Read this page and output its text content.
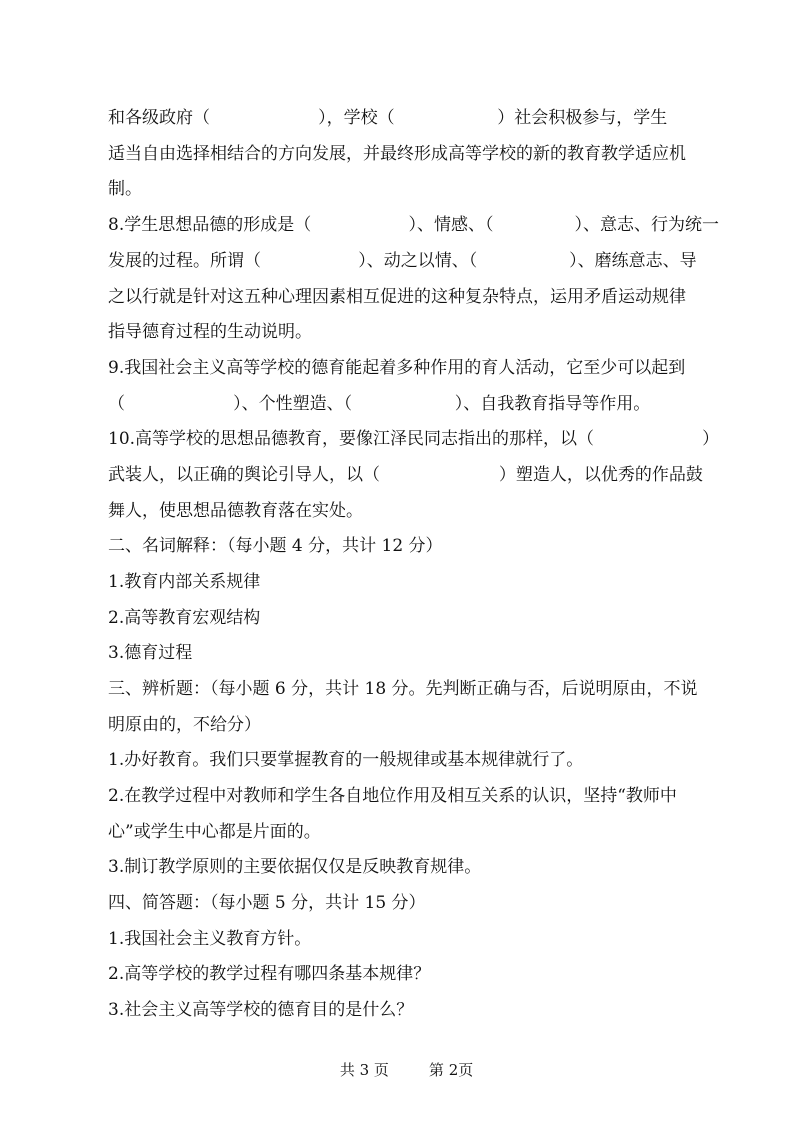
和各级政府（                    ），学校（                   ）社会积极参与，学生
适当自由选择相结合的方向发展，并最终形成高等学校的新的教育教学适应机
制。
8.学生思想品德的形成是（                  ）、情感、（               ）、意志、行为统一
发展的过程。所谓（                  ）、动之以情、（                 ）、磨练意志、导
之以行就是针对这五种心理因素相互促进的这种复杂特点，运用矛盾运动规律
指导德育过程的生动说明。
9.我国社会主义高等学校的德育能起着多种作用的育人活动，它至少可以起到
（                    ）、个性塑造、（                   ）、自我教育指导等作用。
10.高等学校的思想品德教育，要像江泽民同志指出的那样，以（                    ）
武装人，以正确的舆论引导人，以（                      ）塑造人，以优秀的作品鼓
舞人，使思想品德教育落在实处。
二、名词解释：（每小题 4 分，共计 12 分）
1.教育内部关系规律
2.高等教育宏观结构
3.德育过程
三、辨析题：（每小题 6 分，共计 18 分。先判断正确与否，后说明原由，不说
明原由的，不给分）
1.办好教育。我们只要掌握教育的一般规律或基本规律就行了。
2.在教学过程中对教师和学生各自地位作用及相互关系的认识，坚持“教师中
心”或学生中心都是片面的。
3.制订教学原则的主要依据仅仅是反映教育规律。
四、简答题：（每小题 5 分，共计 15 分）
1.我国社会主义教育方针。
2.高等学校的教学过程有哪四条基本规律？
3.社会主义高等学校的德育目的是什么？

共 3 页	第 2页
